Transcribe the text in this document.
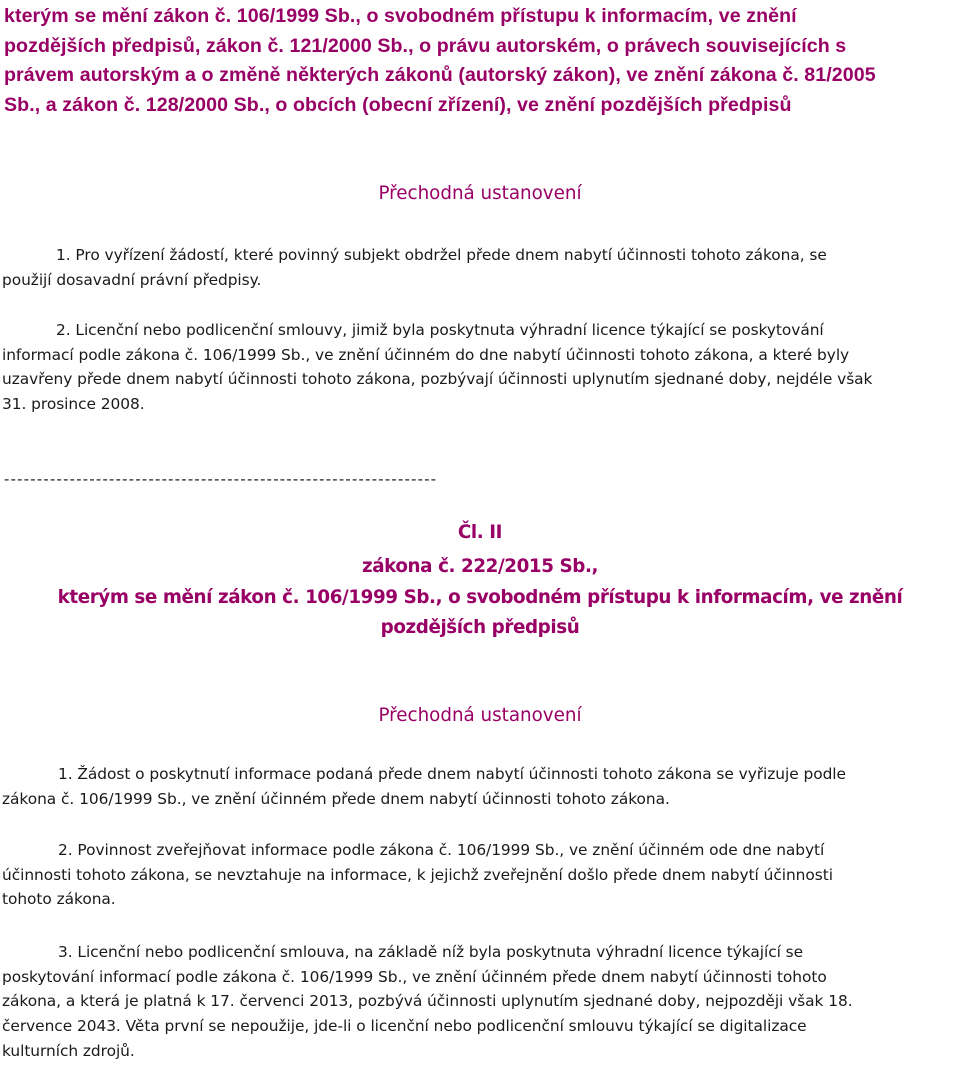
kterým se mění zákon č. 106/1999 Sb., o svobodném přístupu k informacím, ve znění
pozdějších předpisů, zákon č. 121/2000 Sb., o právu autorském, o právech souvisejících s
právem autorským a o změně některých zákonů (autorský zákon), ve znění zákona č. 81/2005
Sb., a zákon č. 128/2000 Sb., o obcích (obecní zřízení), ve znění pozdějších předpisů
Přechodná ustanovení
1. Pro vyřízení žádostí, které povinný subjekt obdržel přede dnem nabytí účinnosti tohoto zákona, se
použijí dosavadní právní předpisy.
2. Licenční nebo podlicenční smlouvy, jimiž byla poskytnuta výhradní licence týkající se poskytování
informací podle zákona č. 106/1999 Sb., ve znění účinném do dne nabytí účinnosti tohoto zákona, a které byly
uzavřeny přede dnem nabytí účinnosti tohoto zákona, pozbývají účinnosti uplynutím sjednané doby, nejdéle však
31. prosince 2008.
------------------------------------------------------------------
Čl. II
zákona č. 222/2015 Sb.,
kterým se mění zákon č. 106/1999 Sb., o svobodném přístupu k informacím, ve znění
pozdějších předpisů
Přechodná ustanovení
1. Žádost o poskytnutí informace podaná přede dnem nabytí účinnosti tohoto zákona se vyřizuje podle
zákona č. 106/1999 Sb., ve znění účinném přede dnem nabytí účinnosti tohoto zákona.
2. Povinnost zveřejňovat informace podle zákona č. 106/1999 Sb., ve znění účinném ode dne nabytí
účinnosti tohoto zákona, se nevztahuje na informace, k jejichž zveřejnění došlo přede dnem nabytí účinnosti
tohoto zákona.
3. Licenční nebo podlicenční smlouva, na základě níž byla poskytnuta výhradní licence týkající se
poskytování informací podle zákona č. 106/1999 Sb., ve znění účinném přede dnem nabytí účinnosti tohoto
zákona, a která je platná k 17. červenci 2013, pozbývá účinnosti uplynutím sjednané doby, nejpozději však 18.
července 2043. Věta první se nepoužije, jde-li o licenční nebo podlicenční smlouvu týkající se digitalizace
kulturních zdrojů.
